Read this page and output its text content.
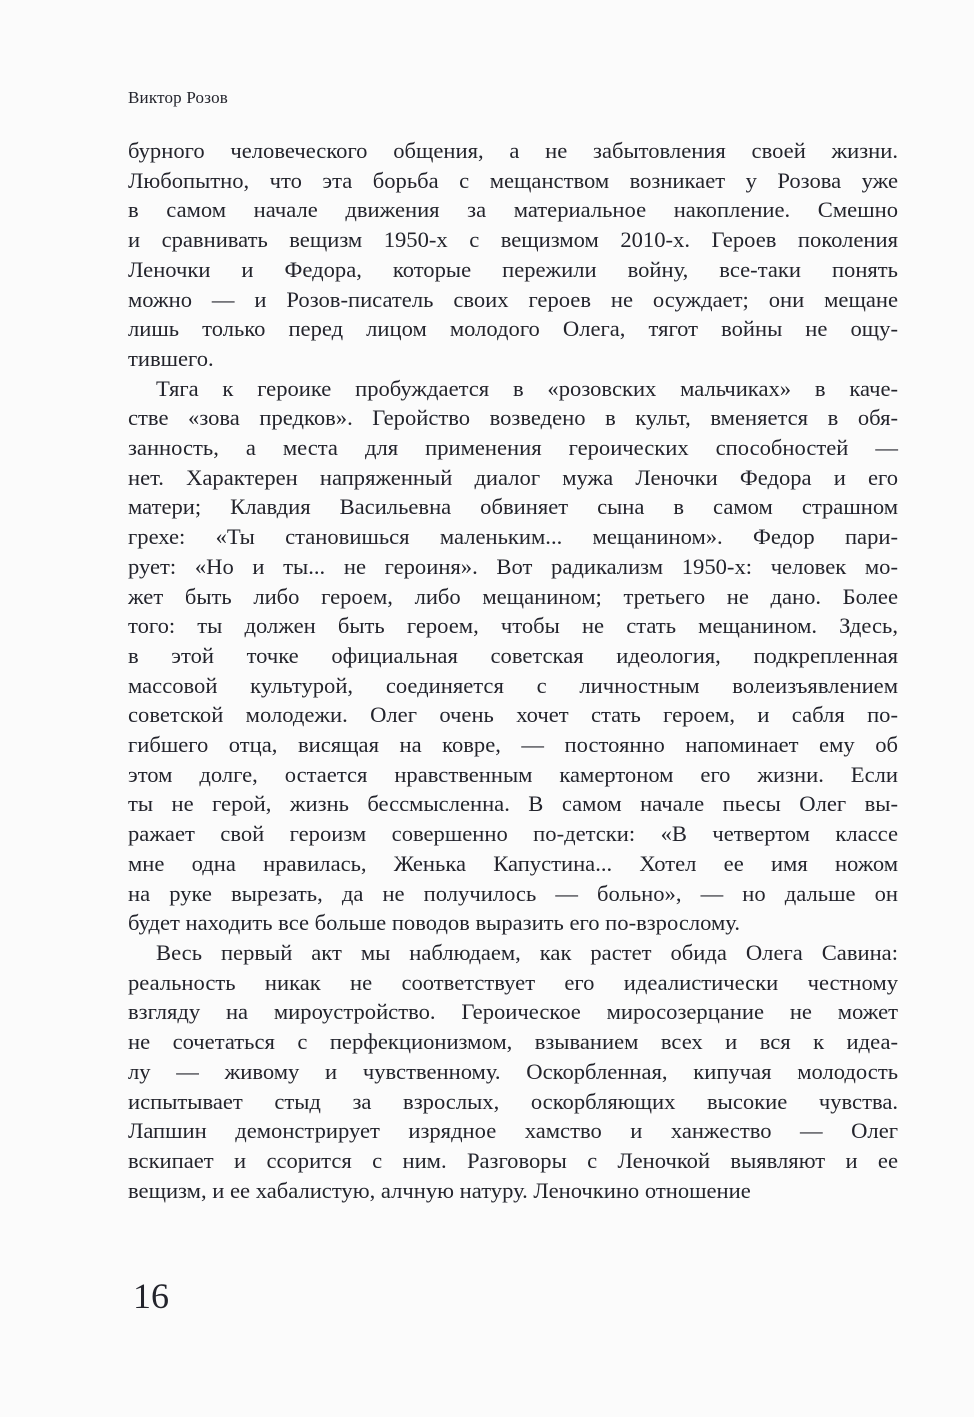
Виктор Розов

бурного человеческого общения, а не забытовления своей жизни.
Любопытно, что эта борьба с мещанством возникает у Розова уже
в самом начале движения за материальное накопление. Смешно
и сравнивать вещизм 1950-х с вещизмом 2010-х. Героев поколения
Леночки и Федора, которые пережили войну, все-таки понять
можно — и Розов-писатель своих героев не осуждает; они мещане
лишь только перед лицом молодого Олега, тягот войны не ощу-
тившего.

Тяга к героике пробуждается в «розовских мальчиках» в каче-
стве «зова предков». Геройство возведено в культ, вменяется в обя-
занность, а места для применения героических способностей —
нет. Характерен напряженный диалог мужа Леночки Федора и его
матери; Клавдия Васильевна обвиняет сына в самом страшном
грехе: «Ты становишься маленьким... мещанином». Федор пари-
рует: «Но и ты... не героиня». Вот радикализм 1950-х: человек мо-
жет быть либо героем, либо мещанином; третьего не дано. Более
того: ты должен быть героем, чтобы не стать мещанином. Здесь,
в этой точке официальная советская идеология, подкрепленная
массовой культурой, соединяется с личностным волеизъявлением
советской молодежи. Олег очень хочет стать героем, и сабля по-
гибшего отца, висящая на ковре, — постоянно напоминает ему об
этом долге, остается нравственным камертоном его жизни. Если
ты не герой, жизнь бессмысленна. В самом начале пьесы Олег вы-
ражает свой героизм совершенно по-детски: «В четвертом классе
мне одна нравилась, Женька Капустина... Хотел ее имя ножом
на руке вырезать, да не получилось — больно», — но дальше он
будет находить все больше поводов выразить его по-взрослому.

Весь первый акт мы наблюдаем, как растет обида Олега Савина:
реальность никак не соответствует его идеалистически честному
взгляду на мироустройство. Героическое миросозерцание не может
не сочетаться с перфекционизмом, взыванием всех и вся к идеа-
лу — живому и чувственному. Оскорбленная, кипучая молодость
испытывает стыд за взрослых, оскорбляющих высокие чувства.
Лапшин демонстрирует изрядное хамство и ханжество — Олег
вскипает и ссорится с ним. Разговоры с Леночкой выявляют и ее
вещизм, и ее хабалистую, алчную натуру. Леночкино отношение

16
